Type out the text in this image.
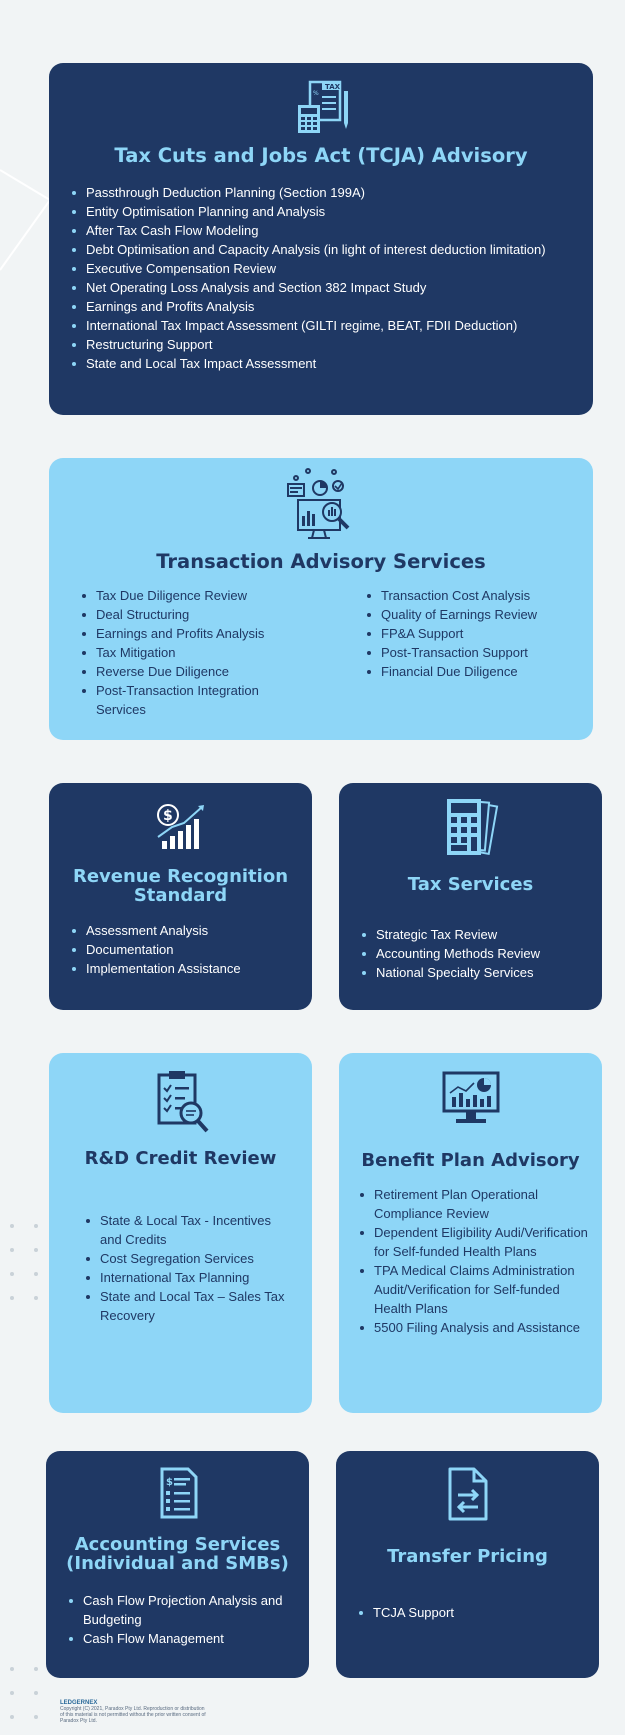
TAX
%
Tax Cuts and Jobs Act (TCJA) Advisory
Passthrough Deduction Planning (Section 199A)
Entity Optimisation Planning and Analysis
After Tax Cash Flow Modeling
Debt Optimisation and Capacity Analysis (in light of interest deduction limitation)
Executive Compensation Review
Net Operating Loss Analysis and Section 382 Impact Study
Earnings and Profits Analysis
International Tax Impact Assessment (GILTI regime, BEAT, FDII Deduction)
Restructuring Support
State and Local Tax Impact Assessment
Transaction Advisory Services
Tax Due Diligence Review
Deal Structuring
Earnings and Profits Analysis
Tax Mitigation
Reverse Due Diligence
Post-Transaction Integration Services
Transaction Cost Analysis
Quality of Earnings Review
FP&A Support
Post-Transaction Support
Financial Due Diligence
$
Revenue Recognition Standard
Assessment Analysis
Documentation
Implementation Assistance
Tax Services
Strategic Tax Review
Accounting Methods Review
National Specialty Services
R&D Credit Review
State & Local Tax - Incentives and Credits
Cost Segregation Services
International Tax Planning
State and Local Tax – Sales Tax Recovery
Benefit Plan Advisory
Retirement Plan Operational Compliance Review
Dependent Eligibility Audi/Verification for Self-funded Health Plans
TPA Medical Claims Administration Audit/Verification for Self-funded Health Plans
5500 Filing Analysis and Assistance
$
Accounting Services (Individual and SMBs)
Cash Flow Projection Analysis and Budgeting
Cash Flow Management
Transfer Pricing
TCJA Support
LEDGERNEX
Copyright (C) 2021, Paradox Pty Ltd. Reproduction or distribution of this material is not permitted without the prior written consent of Paradox Pty Ltd.
